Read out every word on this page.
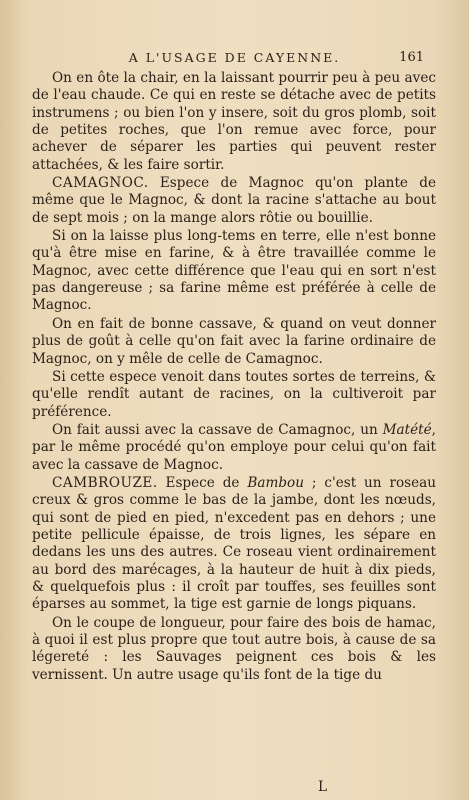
A L'USAGE DE CAYENNE.	161

On en ôte la chair, en la laissant pourrir peu à peu avec de l'eau chaude. Ce qui en reste se détache avec de petits instrumens ; ou bien l'on y insere, soit du gros plomb, soit de petites roches, que l'on remue avec force, pour achever de séparer les parties qui peuvent rester attachées, & les faire sortir.

CAMAGNOC. Espece de Magnoc qu'on plante de même que le Magnoc, & dont la racine s'attache au bout de sept mois ; on la mange alors rôtie ou bouillie.

Si on la laisse plus long-tems en terre, elle n'est bonne qu'à être mise en farine, & à être travaillée comme le Magnoc, avec cette différence que l'eau qui en sort n'est pas dangereuse ; sa farine même est préférée à celle de Magnoc.

On en fait de bonne cassave, & quand on veut donner plus de goût à celle qu'on fait avec la farine ordinaire de Magnoc, on y mêle de celle de Camagnoc.

Si cette espece venoit dans toutes sortes de terreins, & qu'elle rendît autant de racines, on la cultiveroit par préférence.

On fait aussi avec la cassave de Camagnoc, un Matété, par le même procédé qu'on employe pour celui qu'on fait avec la cassave de Magnoc.

CAMBROUZE. Espece de Bambou ; c'est un roseau creux & gros comme le bas de la jambe, dont les nœuds, qui sont de pied en pied, n'excedent pas en dehors ; une petite pellicule épaisse, de trois lignes, les sépare en dedans les uns des autres. Ce roseau vient ordinairement au bord des marécages, à la hauteur de huit à dix pieds, & quelquefois plus : il croît par touffes, ses feuilles sont éparses au sommet, la tige est garnie de longs piquans.

On le coupe de longueur, pour faire des bois de hamac, à quoi il est plus propre que tout autre bois, à cause de sa légereté : les Sauvages peignent ces bois & les vernissent. Un autre usage qu'ils font de la tige du

L
